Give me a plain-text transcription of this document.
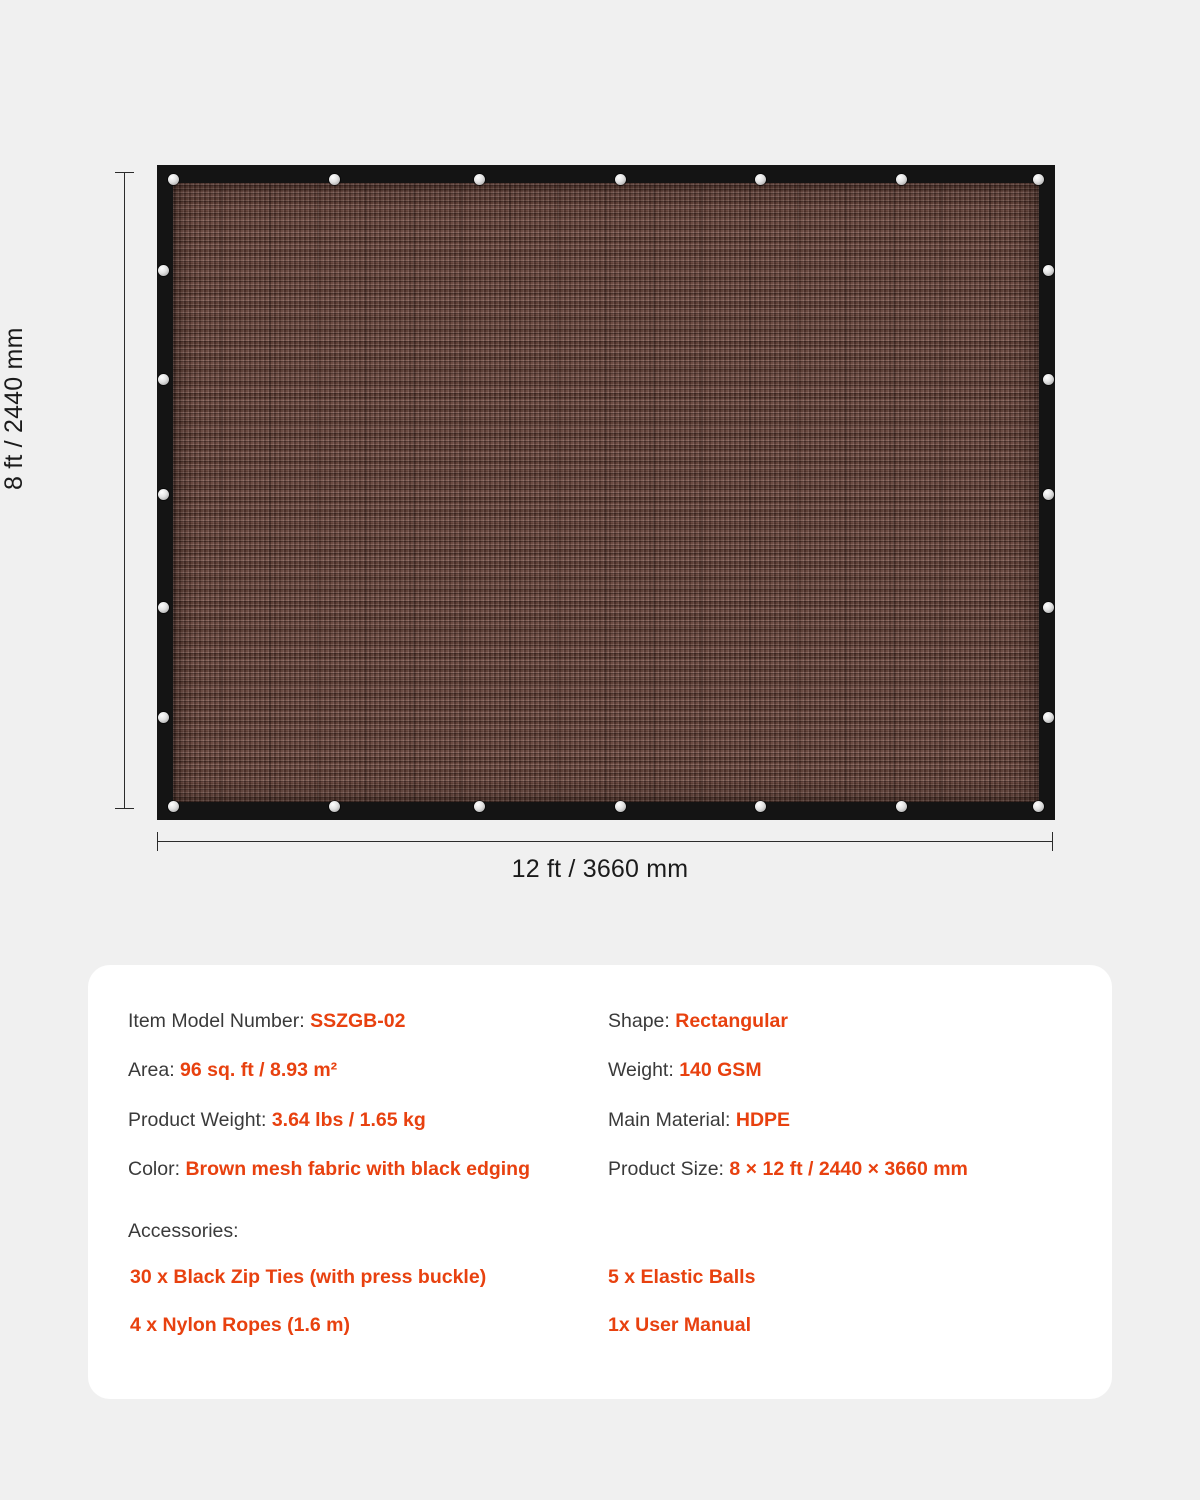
8 ft / 2440 mm
12 ft / 3660 mm
Item Model Number: SSZGB-02
Area: 96 sq. ft / 8.93 m²
Product Weight: 3.64 lbs / 1.65 kg
Color: Brown mesh fabric with black edging
Shape: Rectangular
Weight: 140 GSM
Main Material: HDPE
Product Size: 8 × 12 ft / 2440 × 3660 mm
Accessories:
30 x Black Zip Ties (with press buckle)
4 x Nylon Ropes (1.6 m)
5 x Elastic Balls
1x User Manual
